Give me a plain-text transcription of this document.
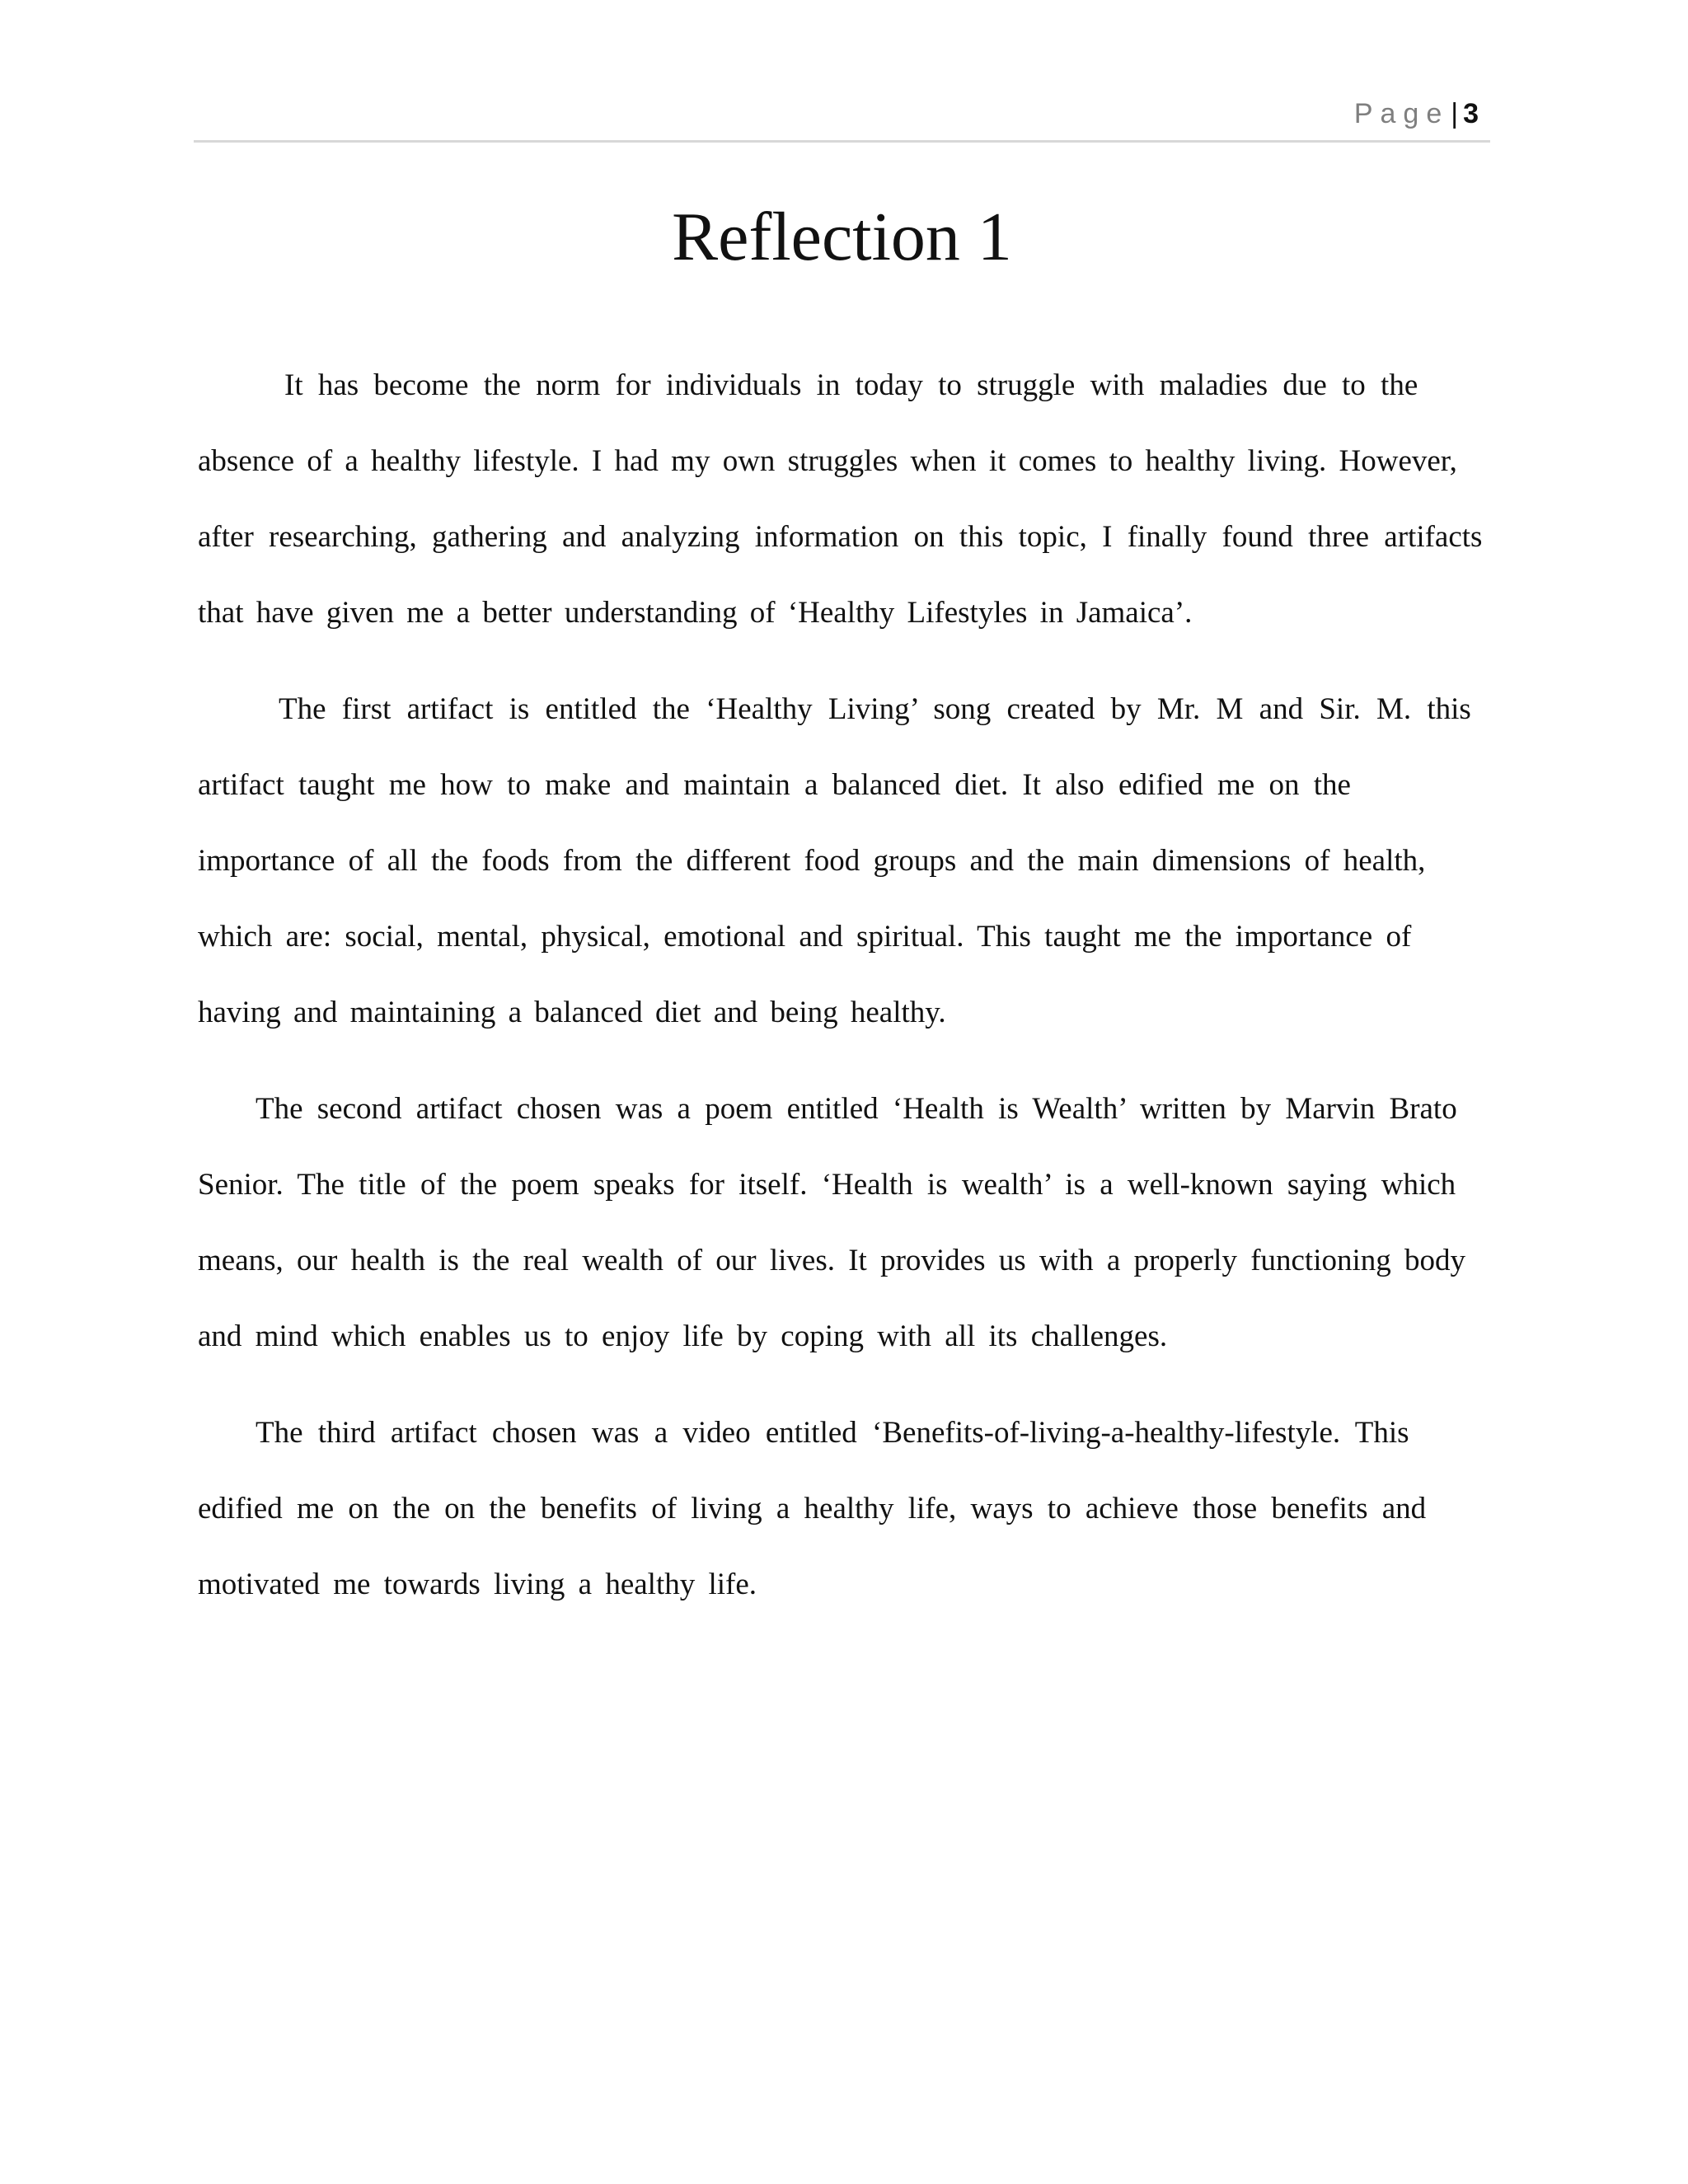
Page| 3
Reflection 1
It has become the norm for individuals in today to struggle with maladies due to the
absence of a healthy lifestyle. I had my own struggles when it comes to healthy living. However,
after researching, gathering and analyzing information on this topic, I finally found three artifacts
that have given me a better understanding of ‘Healthy Lifestyles in Jamaica’.
The first artifact is entitled the ‘Healthy Living’ song created by Mr. M and Sir. M. this
artifact taught me how to make and maintain a balanced diet. It also edified me on the
importance of all the foods from the different food groups and the main dimensions of health,
which are: social, mental, physical, emotional and spiritual. This taught me the importance of
having and maintaining a balanced diet and being healthy.
The second artifact chosen was a poem entitled ‘Health is Wealth’ written by Marvin Brato
Senior. The title of the poem speaks for itself. ‘Health is wealth’ is a well-known saying which
means, our health is the real wealth of our lives. It provides us with a properly functioning body
and mind which enables us to enjoy life by coping with all its challenges.
The third artifact chosen was a video entitled ‘Benefits-of-living-a-healthy-lifestyle. This
edified me on the on the benefits of living a healthy life, ways to achieve those benefits and
motivated me towards living a healthy life.
